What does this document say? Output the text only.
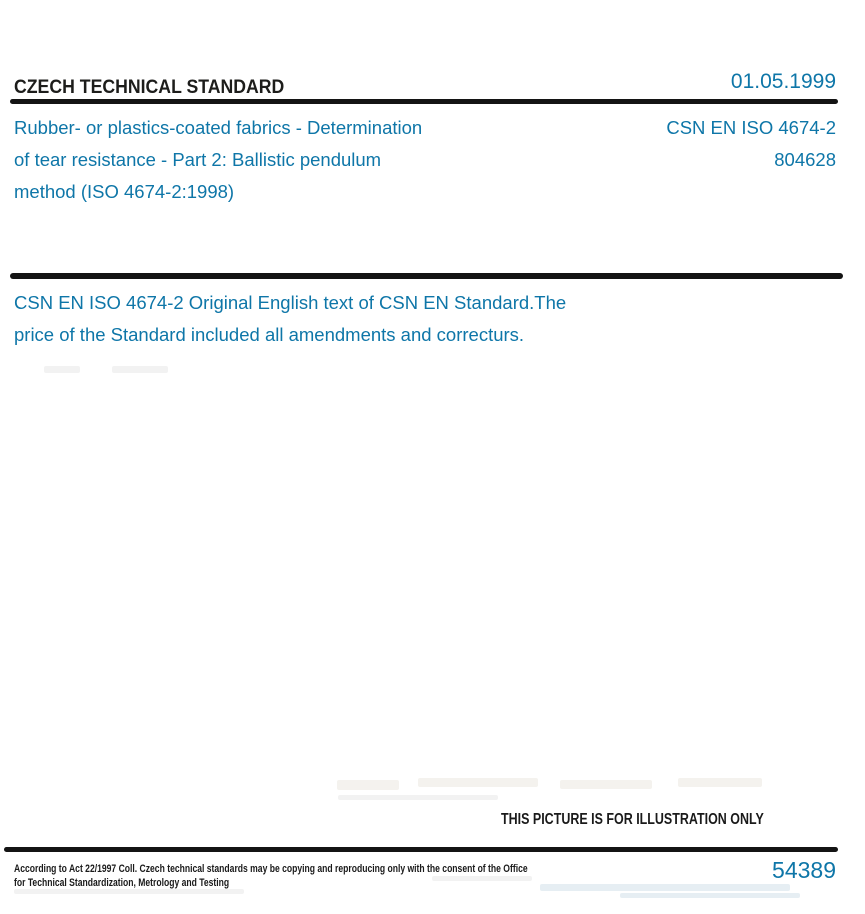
CZECH TECHNICAL STANDARD	01.05.1999
Rubber- or plastics-coated fabrics - Determination
of tear resistance - Part 2: Ballistic pendulum
method (ISO 4674-2:1998)
CSN EN ISO 4674-2
804628
CSN EN ISO 4674-2 Original English text of CSN EN Standard.The
price of the Standard included all amendments and correcturs.
THIS PICTURE IS FOR ILLUSTRATION ONLY
According to Act 22/1997 Coll. Czech technical standards may be copying and reproducing only with the consent of the Office
for Technical Standardization, Metrology and Testing	54389
